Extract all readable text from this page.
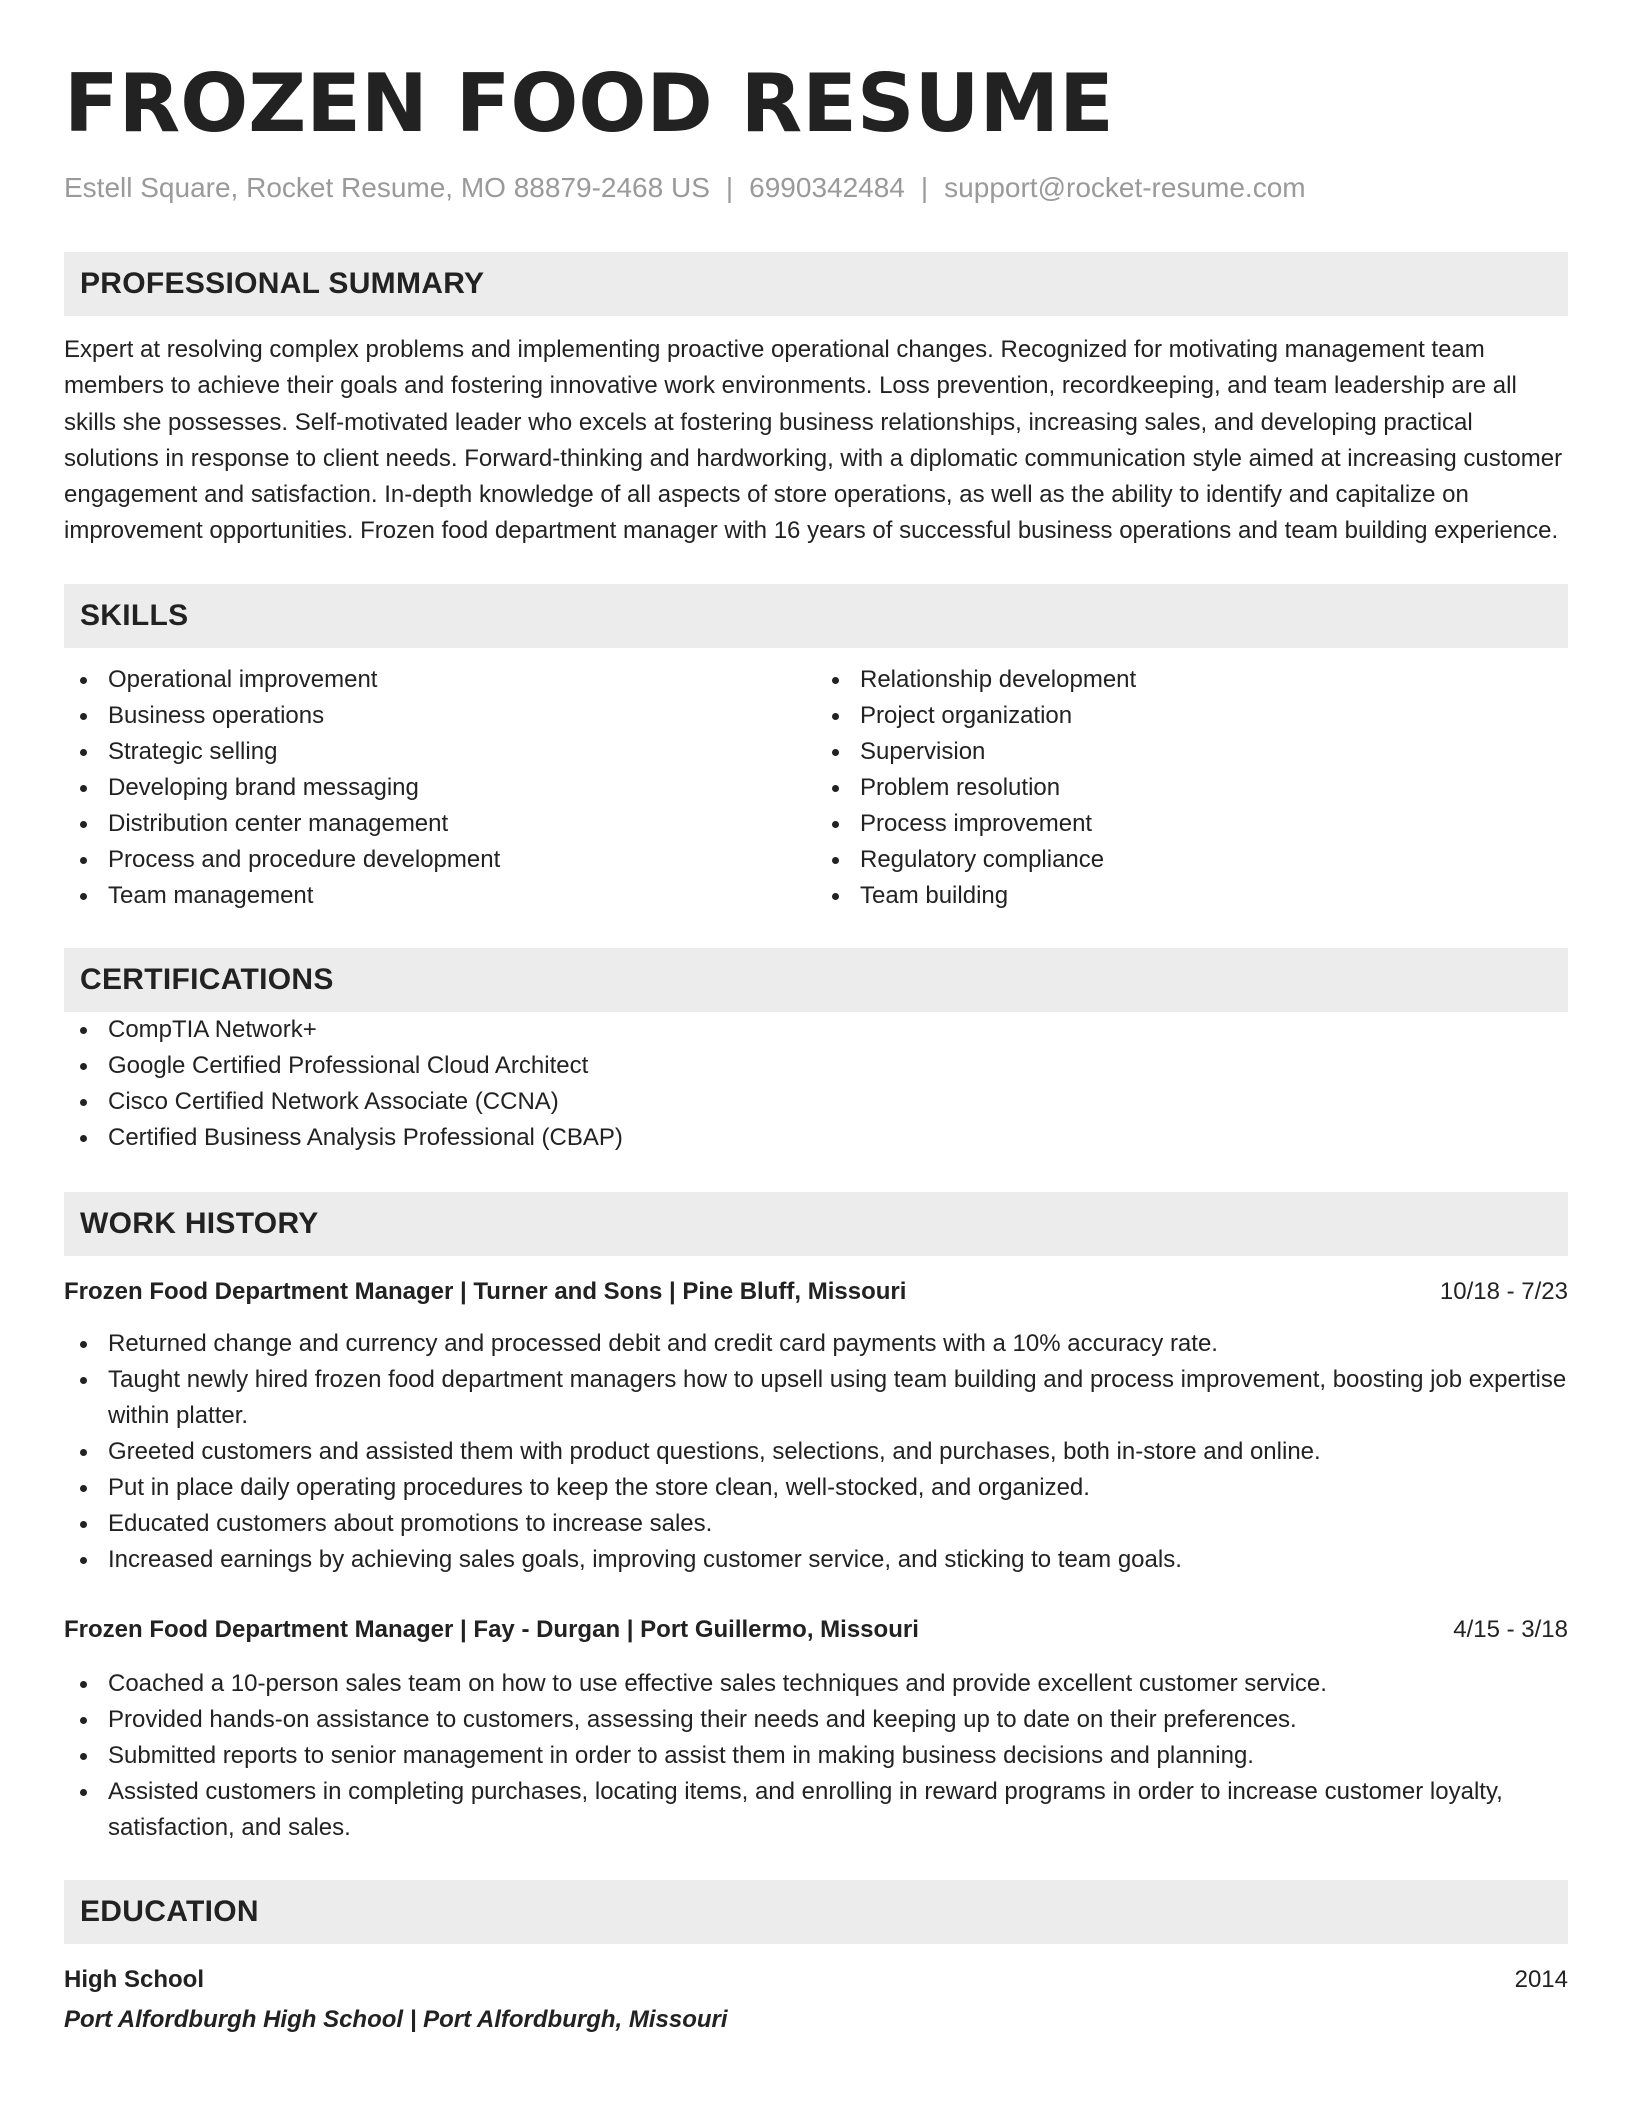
FROZEN FOOD RESUME
Estell Square, Rocket Resume, MO 88879-2468 US | 6990342484 | support@rocket-resume.com
PROFESSIONAL SUMMARY
Expert at resolving complex problems and implementing proactive operational changes. Recognized for motivating management team members to achieve their goals and fostering innovative work environments. Loss prevention, recordkeeping, and team leadership are all skills she possesses. Self-motivated leader who excels at fostering business relationships, increasing sales, and developing practical solutions in response to client needs. Forward-thinking and hardworking, with a diplomatic communication style aimed at increasing customer engagement and satisfaction. In-depth knowledge of all aspects of store operations, as well as the ability to identify and capitalize on improvement opportunities. Frozen food department manager with 16 years of successful business operations and team building experience.
SKILLS
Operational improvement
Business operations
Strategic selling
Developing brand messaging
Distribution center management
Process and procedure development
Team management
Relationship development
Project organization
Supervision
Problem resolution
Process improvement
Regulatory compliance
Team building
CERTIFICATIONS
CompTIA Network+
Google Certified Professional Cloud Architect
Cisco Certified Network Associate (CCNA)
Certified Business Analysis Professional (CBAP)
WORK HISTORY
Frozen Food Department Manager | Turner and Sons | Pine Bluff, Missouri	10/18 - 7/23
Returned change and currency and processed debit and credit card payments with a 10% accuracy rate.
Taught newly hired frozen food department managers how to upsell using team building and process improvement, boosting job expertise within platter.
Greeted customers and assisted them with product questions, selections, and purchases, both in-store and online.
Put in place daily operating procedures to keep the store clean, well-stocked, and organized.
Educated customers about promotions to increase sales.
Increased earnings by achieving sales goals, improving customer service, and sticking to team goals.
Frozen Food Department Manager | Fay - Durgan | Port Guillermo, Missouri	4/15 - 3/18
Coached a 10-person sales team on how to use effective sales techniques and provide excellent customer service.
Provided hands-on assistance to customers, assessing their needs and keeping up to date on their preferences.
Submitted reports to senior management in order to assist them in making business decisions and planning.
Assisted customers in completing purchases, locating items, and enrolling in reward programs in order to increase customer loyalty, satisfaction, and sales.
EDUCATION
High School	2014
Port Alfordburgh High School | Port Alfordburgh, Missouri
